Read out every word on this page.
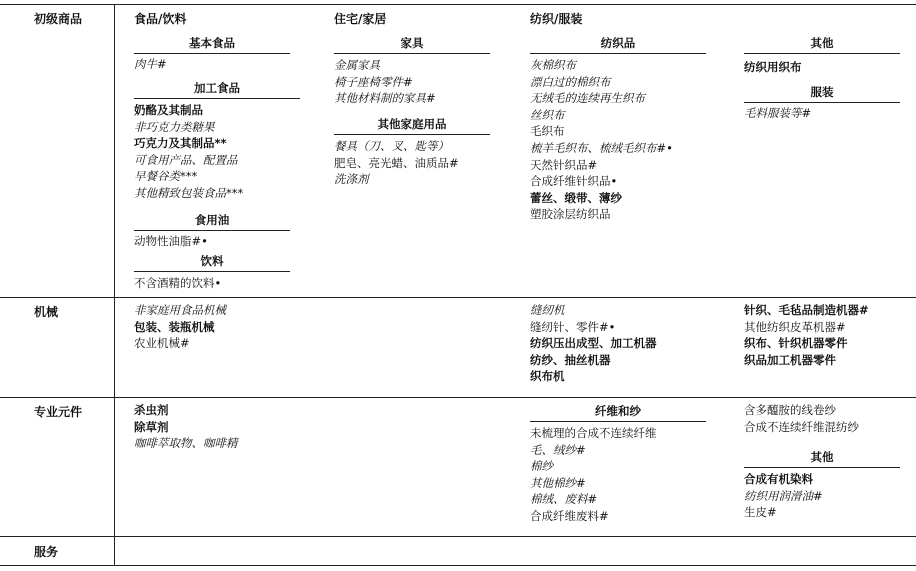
初级商品
机械
专业元件
服务
食品/饮料	住宅/家居	纺织/服装
基本食品
肉牛#
加工食品
奶酪及其制品
非巧克力类糖果
巧克力及其制品**
可食用产品、配置品
早餐谷类***
其他精致包装食品***
食用油
动物性油脂#•
饮料
不含酒精的饮料•
家具
金属家具
椅子座椅零件#
其他材料制的家具#
其他家庭用品
餐具（刀、叉、匙等）
肥皂、亮光蜡、油质品#
洗涤剂
纺织品
灰棉织布
漂白过的棉织布
无绒毛的连续再生织布
丝织布
毛织布
梳羊毛织布、梳绒毛织布#•
天然针织品#
合成纤维针织品•
蕾丝、缎带、薄纱
塑胶涂层纺织品
其他
纺织用织布
服装
毛料服装等#
非家庭用食品机械
包装、装瓶机械
农业机械#
缝纫机
缝纫针、零件#•
纺织压出成型、加工机器
纺纱、抽丝机器
织布机
针织、毛毡品制造机器#
其他纺织皮革机器#
织布、针织机器零件
织品加工机器零件
杀虫剂
除草剂
咖啡萃取物、咖啡精
纤维和纱
未梳理的合成不连续纤维
毛、绒纱#
棉纱
其他棉纱#
棉绒、废料#
合成纤维废料#
含多醯胺的线卷纱
合成不连续纤维混纺纱
其他
合成有机染料
纺织用润滑油#
生皮#
